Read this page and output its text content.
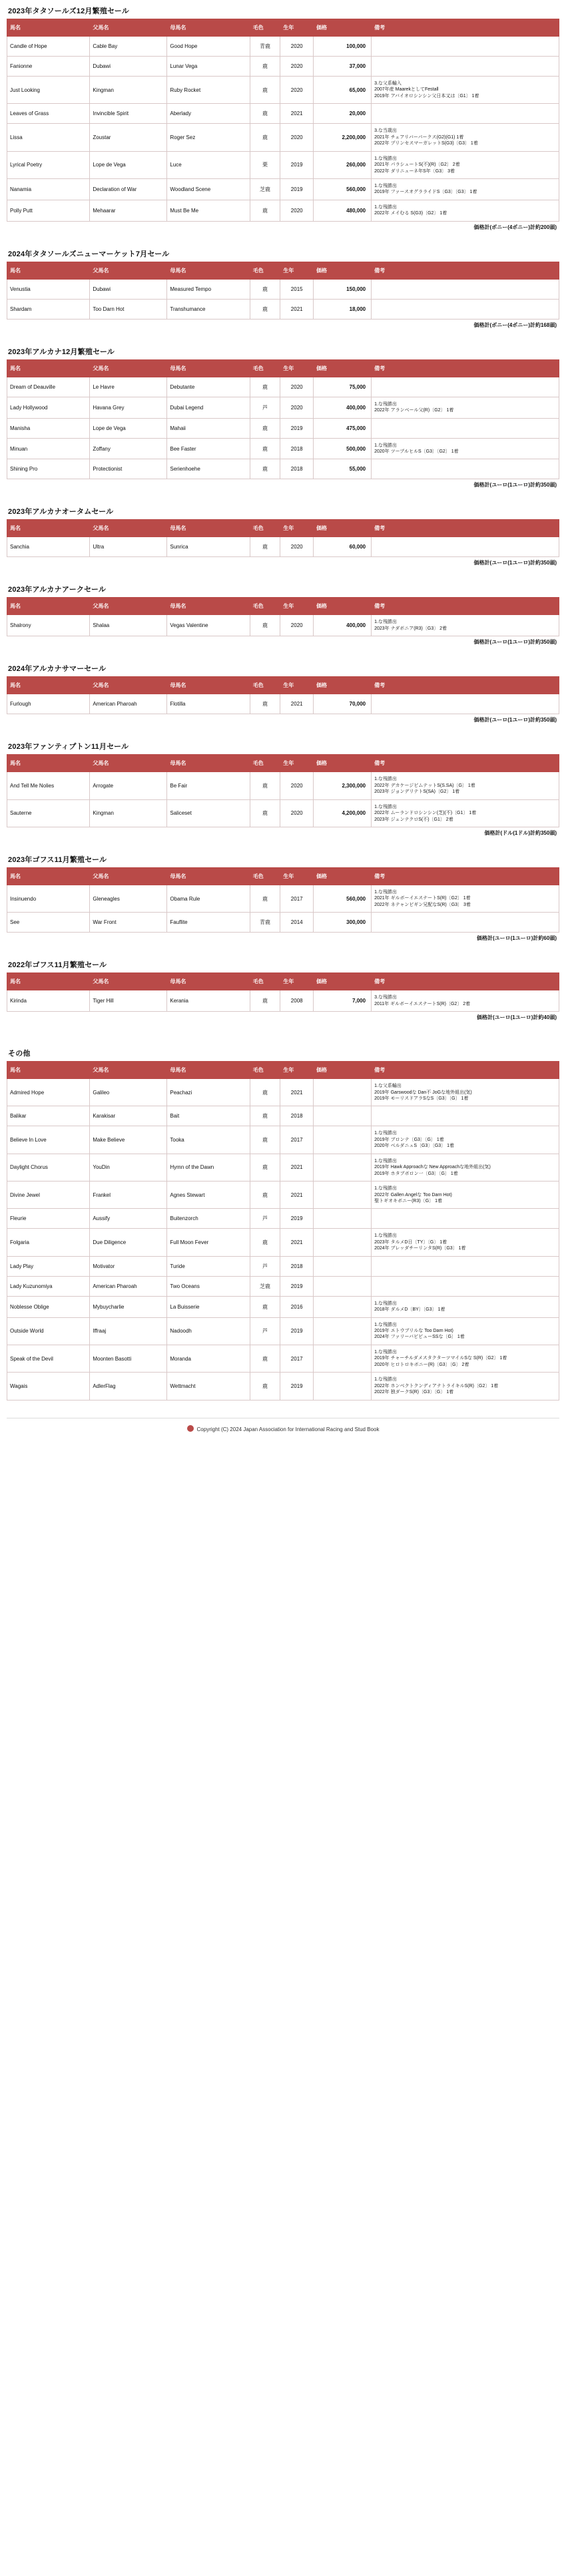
2023年タタソールズ12月繁殖セール
馬名	父馬名	母馬名	毛色	生年	価格	備考
Candle of Hope	Cable Bay	Good Hope	青鹿	2020	100,000	
Fanionne	Dubawi	Lunar Vega	鹿	2020	37,000	
Just Looking	Kingman	Ruby Rocket	鹿	2020	65,000	3.な父系輸入
2007年産 MaarekとしてFestall
2019年 アバイオロシンシン父日本又は〔G1〕 1着

Leaves of Grass	Invincible Spirit	Aberlady	鹿	2021	20,000	
Lissa	Zoustar	Roger Sez	鹿	2020	2,200,000	3.な当歳出
2021年 チェアリバーパークス(G2)(G1) 1着
2022年 プリンセスマーガレットS(G3)〔G3〕 1着

Lyrical Poetry	Lope de Vega	Luce	栗	2019	260,000	1.な残勝出
2021年 パラシュートS(不)(R)〔G2〕 2着
2022年 ダリニューネ年S年〔G3〕 3着

Nanamia	Declaration of War	Woodland Scene	芝鹿	2019	560,000	1.な残勝出
2019年 ファースオグラライドS〔G3〕〔G3〕 1着

Polly Putt	Mehaarar	Must Be Me	鹿	2020	480,000	1.な残勝出
2022年 メイむる S(G3)〔G2〕 1着
価格計(ポニー(4ポニー)計約200頭)
2024年タタソールズニューマーケット7月セール
馬名	父馬名	母馬名	毛色	生年	価格	備考
Venustia	Dubawi	Measured Tempo	鹿	2015	150,000	
Shardam	Too Darn Hot	Transhumance	鹿	2021	18,000	
価格計(ポニー(4ポニー)計約168頭)
2023年アルカナ12月繁殖セール
馬名	父馬名	母馬名	毛色	生年	価格	備考
Dream of Deauville	Le Havre	Debutante	鹿	2020	75,000	
Lady Hollywood	Havana Grey	Dubai Legend	芦	2020	400,000	1.な残勝出
2022年 アランベール父(R)〔G2〕 1着

Manisha	Lope de Vega	Mahaii	鹿	2019	475,000	
Minuan	Zoffany	Bee Faster	鹿	2018	500,000	1.な残勝出
2020年 ツープルヒルS〔G3〕〔G2〕 1着

Shining Pro	Protectionist	Serienhoehe	鹿	2018	55,000	
価格計(ユーロ(1ユーロ)計約350頭)
2023年アルカナオータムセール
馬名	父馬名	母馬名	毛色	生年	価格	備考
Sanchia	Ultra	Sunrica	鹿	2020	60,000	
価格計(ユーロ(1ユーロ)計約350頭)
2023年アルカナアークセール
馬名	父馬名	母馬名	毛色	生年	価格	備考
Shalrony	Shalaa	Vegas Valentine	鹿	2020	400,000	1.な残勝出
2023年 ナダボニア(R3)〔G3〕 2着
価格計(ユーロ(1ユーロ)計約350頭)
2024年アルカナサマーセール
馬名	父馬名	母馬名	毛色	生年	価格	備考
Furlough	American Pharoah	Flotilla	鹿	2021	70,000	
価格計(ユーロ(1ユーロ)計約350頭)
2023年ファンティプトン11月セール
馬名	父馬名	母馬名	毛色	生年	価格	備考
And Tell Me Nolies	Arrogate	Be Fair	鹿	2020	2,300,000	1.な残勝出
2022年 デカケージビムテットS(S.SA)〔G〕 1着
2023年 ジョンデリテトS(SA)〔G2〕 1着

Sauterne	Kingman	Saliceset	鹿	2020	4,200,000	1.な残勝出
2022年 ムーランドロシンシン(芝)(不)〔G1〕 1着
2023年 ジェンテクロS(不)〔G1〕 2着
価格計(ドル(1ドル)計約350頭)
2023年ゴフス11月繁殖セール
馬名	父馬名	母馬名	毛色	生年	価格	備考
Insinuendo	Gleneagles	Obama Rule	鹿	2017	560,000	1.な残勝出
2021年 ギルボーイエスナートS(R)〔G2〕 1着
2022年 ネテャンビギン兄配なS(R)〔G3〕 3着

See	War Front	Fauflite	青鹿	2014	300,000	
価格計(ユーロ(1ユーロ)計約60頭)
2022年ゴフス11月繁殖セール
馬名	父馬名	母馬名	毛色	生年	価格	備考
Kirinda	Tiger Hill	Kerania	鹿	2008	7,000	3.な残勝出
2011年 ギルボーイエスナートS(R)〔G2〕 2着
価格計(ユーロ(1ユーロ)計約40頭)
その他
馬名	父馬名	母馬名	毛色	生年	価格	備考
Admired Hope	Galileo	Peachazi	鹿	2021		1.な父系輸出
2019年 Garswoodな Dan不 JoGな地外組出(気)
2019年 モーリスドアラSなS〔G3〕〔G〕 1着

Balikar	Karakisar	Bait	鹿	2018		
Believe In Love	Make Believe	Tooka	鹿	2017		1.な残勝出
2019年 ブロンテ〔G3〕〔G〕 1着
2020年 ベルダニュS〔G3〕〔G3〕 1着

Daylight Chorus	YouDin	Hymn of the Dawn	鹿	2021		1.な残勝出
2019年 Hawk Approachな New Approachな地外組出(気)
2019年 ホタブボロン一〔G3〕〔G〕 1着

Divine Jewel	Frankel	Agnes Stewart	鹿	2021		1.な残勝出
2022年 Gallen Angelな Too Darn Hot)
聖トギオキボニー(R3)〔G〕 1着

Fleurie	Aussify	Buitenzorch	芦	2019		
Folgaria	Due Diligence	Full Moon Fever	鹿	2021		1.な残勝出
2023年 タルメD日〔TY〕〔G〕 1着
2024年 ブレッダチーリンタS(R)〔G3〕 1着

Lady Play	Motivator	Turide	芦	2018		
Lady Kuzunomiya	American Pharoah	Two Oceans	芝鹿	2019		
Noblesse Oblige	Mybuycharlie	La Buisserie	鹿	2016		1.な残勝出
2018年 ダルメD〔BY〕〔G3〕 1着

Outside World	Iffraaj	Nadoodh	芦	2019		1.な残勝出
2019年 エトウブリルな Too Darn Hot)
2024年 ファリーバビビューSSな〔G〕 1着

Speak of the Devil	Moonten Basotti	Moranda	鹿	2017		1.な残勝出
2019年 チャーチルダメスタクターツマイルSな S(R)〔G2〕 1着
2020年 ヒロトロキボニー(R)〔G3〕〔G〕 2着

Wagais	AdlerFlag	Wettmacht	鹿	2019		1.な残勝出
2022年 ホンベクトクンディアナトライキルS(R)〔G2〕 1着
2022年 独ダークS(R)〔G3〕〔G〕 1着
Copyright (C) 2024 Japan Association for International Racing and Stud Book
